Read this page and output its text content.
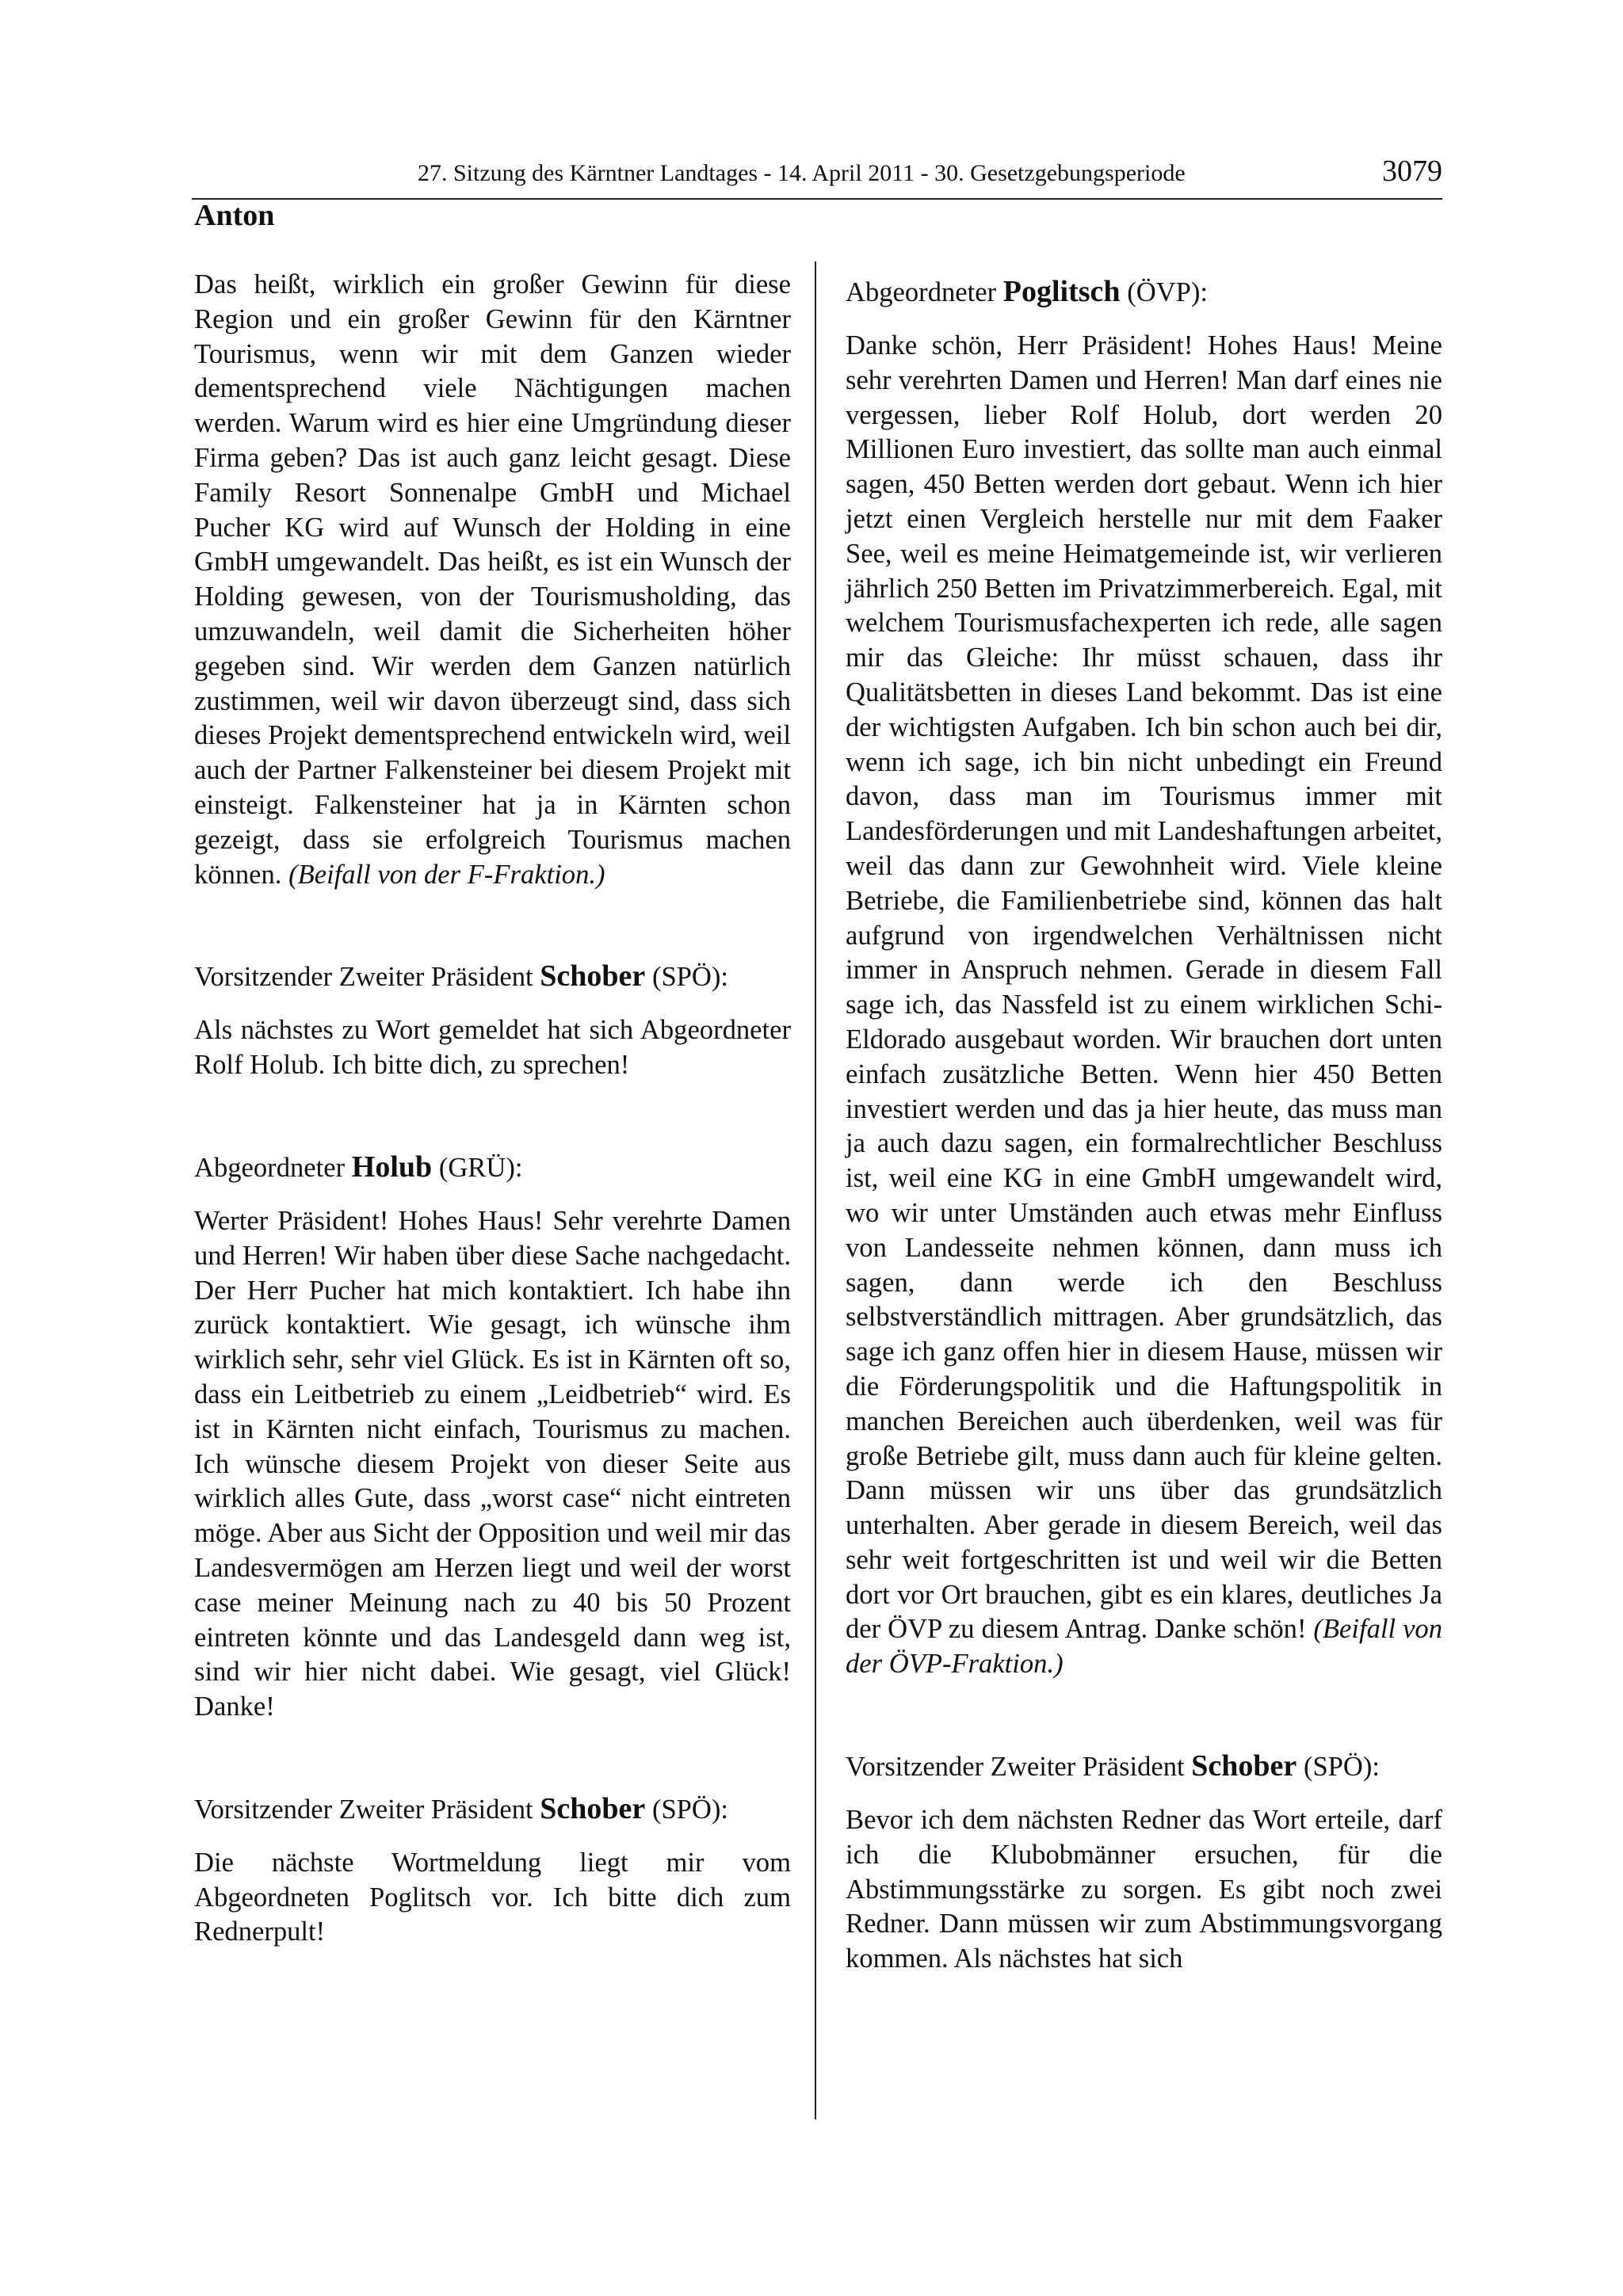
27. Sitzung des Kärntner Landtages - 14. April 2011 - 30. Gesetzgebungsperiode	3079
Anton

Das heißt, wirklich ein großer Gewinn für diese Region und ein großer Gewinn für den Kärntner Tourismus, wenn wir mit dem Ganzen wieder dementsprechend viele Nächtigungen machen werden. Warum wird es hier eine Umgründung dieser Firma geben? Das ist auch ganz leicht gesagt. Diese Family Resort Sonnenalpe GmbH und Michael Pucher KG wird auf Wunsch der Holding in eine GmbH umgewandelt. Das heißt, es ist ein Wunsch der Holding gewesen, von der Tourismusholding, das umzuwandeln, weil damit die Sicherheiten höher gegeben sind. Wir werden dem Ganzen natürlich zustimmen, weil wir davon überzeugt sind, dass sich dieses Projekt dementsprechend entwickeln wird, weil auch der Partner Falkensteiner bei diesem Projekt mit einsteigt. Falkensteiner hat ja in Kärnten schon gezeigt, dass sie erfolgreich Tourismus machen können. (Beifall von der F-Fraktion.)

Vorsitzender Zweiter Präsident Schober (SPÖ):

Als nächstes zu Wort gemeldet hat sich Abgeordneter Rolf Holub. Ich bitte dich, zu sprechen!

Abgeordneter Holub (GRÜ):

Werter Präsident! Hohes Haus! Sehr verehrte Damen und Herren! Wir haben über diese Sache nachgedacht. Der Herr Pucher hat mich kontaktiert. Ich habe ihn zurück kontaktiert. Wie gesagt, ich wünsche ihm wirklich sehr, sehr viel Glück. Es ist in Kärnten oft so, dass ein Leitbetrieb zu einem „Leidbetrieb“ wird. Es ist in Kärnten nicht einfach, Tourismus zu machen. Ich wünsche diesem Projekt von dieser Seite aus wirklich alles Gute, dass „worst case“ nicht eintreten möge. Aber aus Sicht der Opposition und weil mir das Landesvermögen am Herzen liegt und weil der worst case meiner Meinung nach zu 40 bis 50 Prozent eintreten könnte und das Landesgeld dann weg ist, sind wir hier nicht dabei. Wie gesagt, viel Glück! Danke!

Vorsitzender Zweiter Präsident Schober (SPÖ):

Die nächste Wortmeldung liegt mir vom Abgeordneten Poglitsch vor. Ich bitte dich zum Rednerpult!

Abgeordneter Poglitsch (ÖVP):

Danke schön, Herr Präsident! Hohes Haus! Meine sehr verehrten Damen und Herren! Man darf eines nie vergessen, lieber Rolf Holub, dort werden 20 Millionen Euro investiert, das sollte man auch einmal sagen, 450 Betten werden dort gebaut. Wenn ich hier jetzt einen Vergleich herstelle nur mit dem Faaker See, weil es meine Heimatgemeinde ist, wir verlieren jährlich 250 Betten im Privatzimmerbereich. Egal, mit welchem Tourismusfachexperten ich rede, alle sagen mir das Gleiche: Ihr müsst schauen, dass ihr Qualitätsbetten in dieses Land bekommt. Das ist eine der wichtigsten Aufgaben. Ich bin schon auch bei dir, wenn ich sage, ich bin nicht unbedingt ein Freund davon, dass man im Tourismus immer mit Landesförderungen und mit Landeshaftungen arbeitet, weil das dann zur Gewohnheit wird. Viele kleine Betriebe, die Familienbetriebe sind, können das halt aufgrund von irgendwelchen Verhältnissen nicht immer in Anspruch nehmen. Gerade in diesem Fall sage ich, das Nassfeld ist zu einem wirklichen Schi-Eldorado ausgebaut worden. Wir brauchen dort unten einfach zusätzliche Betten. Wenn hier 450 Betten investiert werden und das ja hier heute, das muss man ja auch dazu sagen, ein formalrechtlicher Beschluss ist, weil eine KG in eine GmbH umgewandelt wird, wo wir unter Umständen auch etwas mehr Einfluss von Landesseite nehmen können, dann muss ich sagen, dann werde ich den Beschluss selbstverständlich mittragen. Aber grundsätzlich, das sage ich ganz offen hier in diesem Hause, müssen wir die Förderungspolitik und die Haftungspolitik in manchen Bereichen auch überdenken, weil was für große Betriebe gilt, muss dann auch für kleine gelten. Dann müssen wir uns über das grundsätzlich unterhalten. Aber gerade in diesem Bereich, weil das sehr weit fortgeschritten ist und weil wir die Betten dort vor Ort brauchen, gibt es ein klares, deutliches Ja der ÖVP zu diesem Antrag. Danke schön! (Beifall von der ÖVP-Fraktion.)

Vorsitzender Zweiter Präsident Schober (SPÖ):

Bevor ich dem nächsten Redner das Wort erteile, darf ich die Klubobmänner ersuchen, für die Abstimmungsstärke zu sorgen. Es gibt noch zwei Redner. Dann müssen wir zum Abstimmungsvorgang kommen. Als nächstes hat sich
